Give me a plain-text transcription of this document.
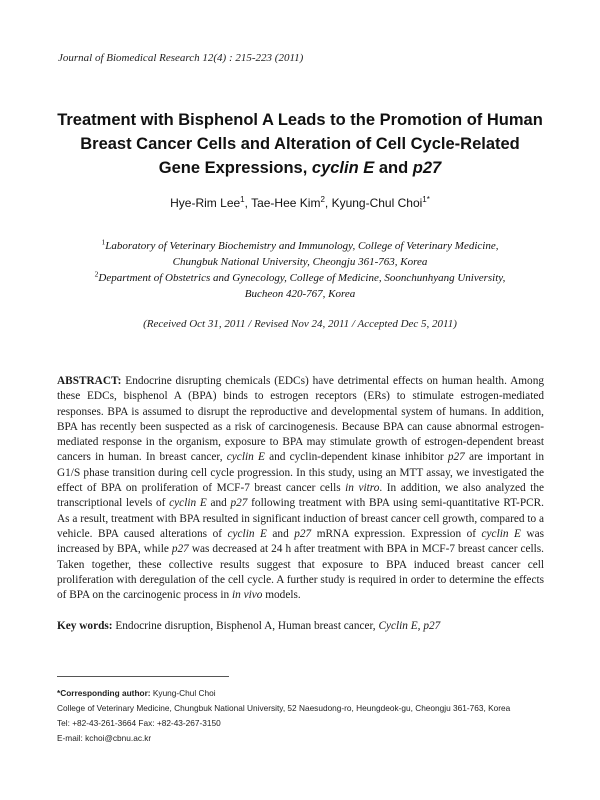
Journal of Biomedical Research 12(4) : 215-223 (2011)
Treatment with Bisphenol A Leads to the Promotion of Human
Breast Cancer Cells and Alteration of Cell Cycle-Related
Gene Expressions, cyclin E and p27
Hye-Rim Lee$^1$, Tae-Hee Kim$^2$, Kyung-Chul Choi$^{1*}$
$^1$Laboratory of Veterinary Biochemistry and Immunology, College of Veterinary Medicine,
Chungbuk National University, Cheongju 361-763, Korea
$^2$Department of Obstetrics and Gynecology, College of Medicine, Soonchunhyang University,
Bucheon 420-767, Korea
(Received Oct 31, 2011 / Revised Nov 24, 2011 / Accepted Dec 5, 2011)
ABSTRACT: Endocrine disrupting chemicals (EDCs) have detrimental effects on human health. Among these EDCs, bisphenol A (BPA) binds to estrogen receptors (ERs) to stimulate estrogen-mediated responses. BPA is assumed to disrupt the reproductive and developmental system of humans. In addition, BPA has recently been suspected as a risk of carcinogenesis. Because BPA can cause abnormal estrogen-mediated response in the organism, exposure to BPA may stimulate growth of estrogen-dependent breast cancers in human. In breast cancer, cyclin E and cyclin-dependent kinase inhibitor p27 are important in G1/S phase transition during cell cycle progression. In this study, using an MTT assay, we investigated the effect of BPA on proliferation of MCF-7 breast cancer cells in vitro. In addition, we also analyzed the transcriptional levels of cyclin E and p27 following treatment with BPA using semi-quantitative RT-PCR. As a result, treatment with BPA resulted in significant induction of breast cancer cell growth, compared to a vehicle. BPA caused alterations of cyclin E and p27 mRNA expression. Expression of cyclin E was increased by BPA, while p27 was decreased at 24 h after treatment with BPA in MCF-7 breast cancer cells. Taken together, these collective results suggest that exposure to BPA induced breast cancer cell proliferation with deregulation of the cell cycle. A further study is required in order to determine the effects of BPA on the carcinogenic process in in vivo models.
Key words: Endocrine disruption, Bisphenol A, Human breast cancer, Cyclin E, p27
*Corresponding author: Kyung-Chul Choi
College of Veterinary Medicine, Chungbuk National University, 52 Naesudong-ro, Heungdeok-gu, Cheongju 361-763, Korea
Tel: +82-43-261-3664 Fax: +82-43-267-3150
E-mail: kchoi@cbnu.ac.kr
